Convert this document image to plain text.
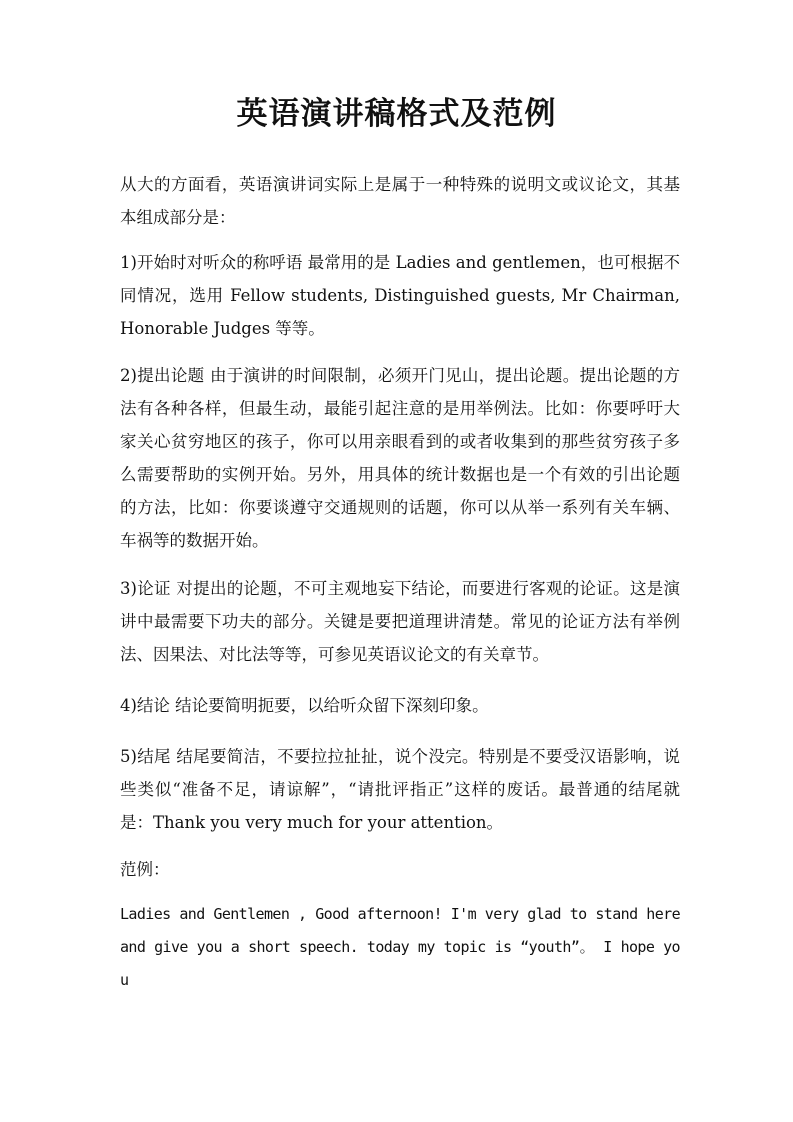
英语演讲稿格式及范例

从大的方面看，英语演讲词实际上是属于一种特殊的说明文或议论文，其基本组成部分是：

1)开始时对听众的称呼语 最常用的是 Ladies and gentlemen，也可根据不同情况，选用 Fellow students, Distinguished guests, Mr Chairman, Honorable Judges 等等。

2)提出论题 由于演讲的时间限制，必须开门见山，提出论题。提出论题的方法有各种各样，但最生动，最能引起注意的是用举例法。比如：你要呼吁大家关心贫穷地区的孩子，你可以用亲眼看到的或者收集到的那些贫穷孩子多么需要帮助的实例开始。另外，用具体的统计数据也是一个有效的引出论题的方法，比如：你要谈遵守交通规则的话题，你可以从举一系列有关车辆、车祸等的数据开始。

3)论证 对提出的论题，不可主观地妄下结论，而要进行客观的论证。这是演讲中最需要下功夫的部分。关键是要把道理讲清楚。常见的论证方法有举例法、因果法、对比法等等，可参见英语议论文的有关章节。

4)结论 结论要简明扼要，以给听众留下深刻印象。

5)结尾 结尾要简洁，不要拉拉扯扯，说个没完。特别是不要受汉语影响，说些类似“准备不足，请谅解”，“请批评指正”这样的废话。最普通的结尾就是：Thank you very much for your attention。

范例：

Ladies and Gentlemen , Good afternoon! I'm very glad to stand here and give you a short speech. today my topic is “youth”。 I hope you
